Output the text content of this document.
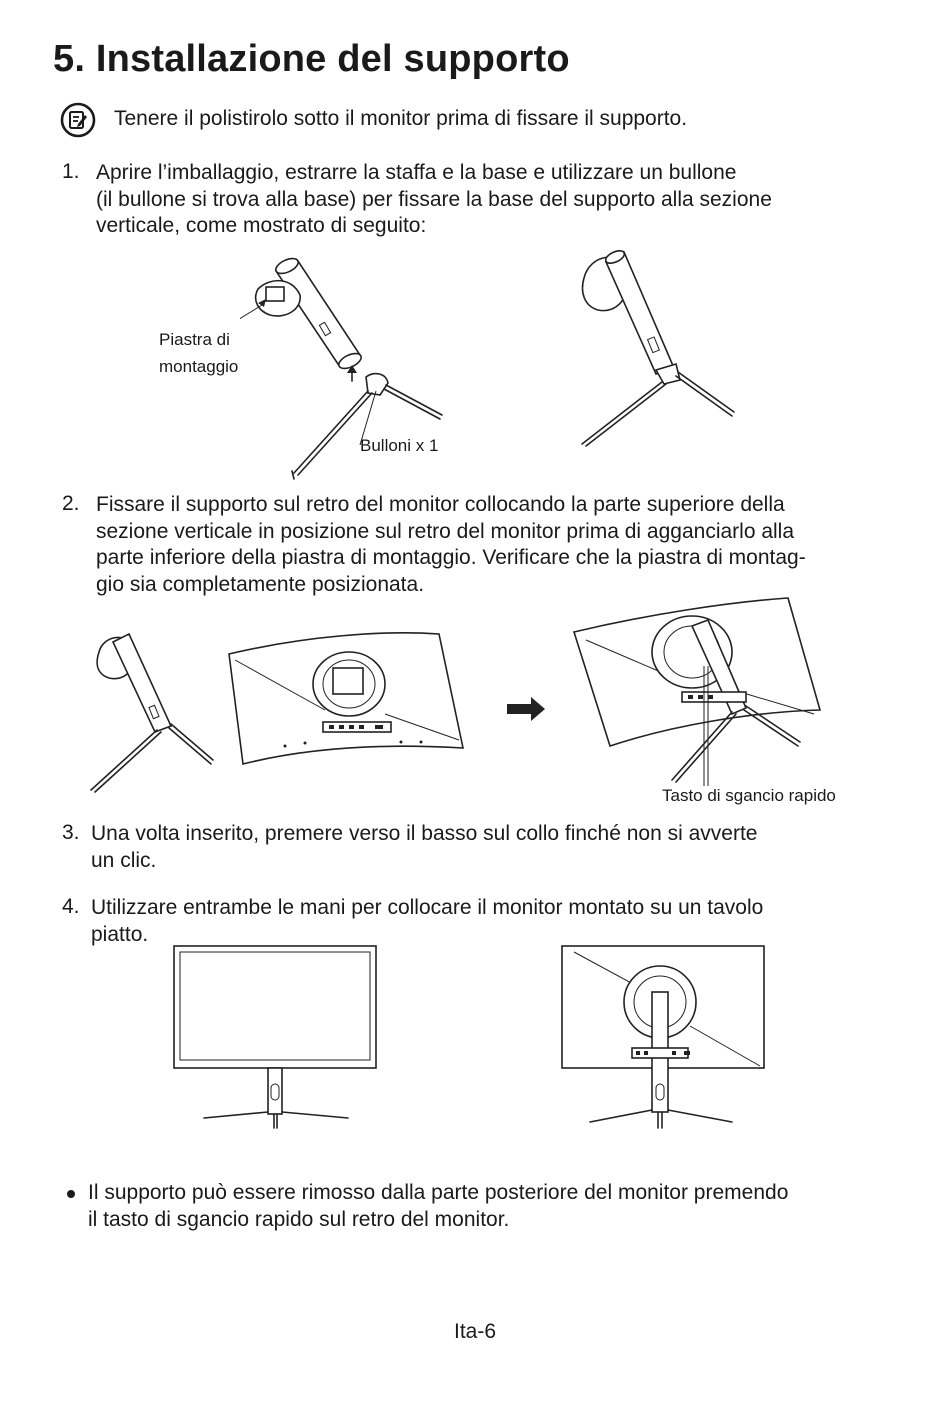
5. Installazione del supporto
Tenere il polistirolo sotto il monitor prima di fissare il supporto.
1. Aprire l’imballaggio, estrarre la staffa e la base e utilizzare un bullone
(il bullone si trova alla base) per fissare la base del supporto alla sezione
verticale, come mostrato di seguito:
Piastra di
montaggio
Bulloni x 1
2. Fissare il supporto sul retro del monitor collocando la parte superiore della
sezione verticale in posizione sul retro del monitor prima di agganciarlo alla
parte inferiore della piastra di montaggio. Verificare che la piastra di montag-
gio sia completamente posizionata.
Tasto di sgancio rapido
3. Una volta inserito, premere verso il basso sul collo finché non si avverte
un clic.
4. Utilizzare entrambe le mani per collocare il monitor montato su un tavolo
piatto.
Il supporto può essere rimosso dalla parte posteriore del monitor premendo
il tasto di sgancio rapido sul retro del monitor.
Ita-6
